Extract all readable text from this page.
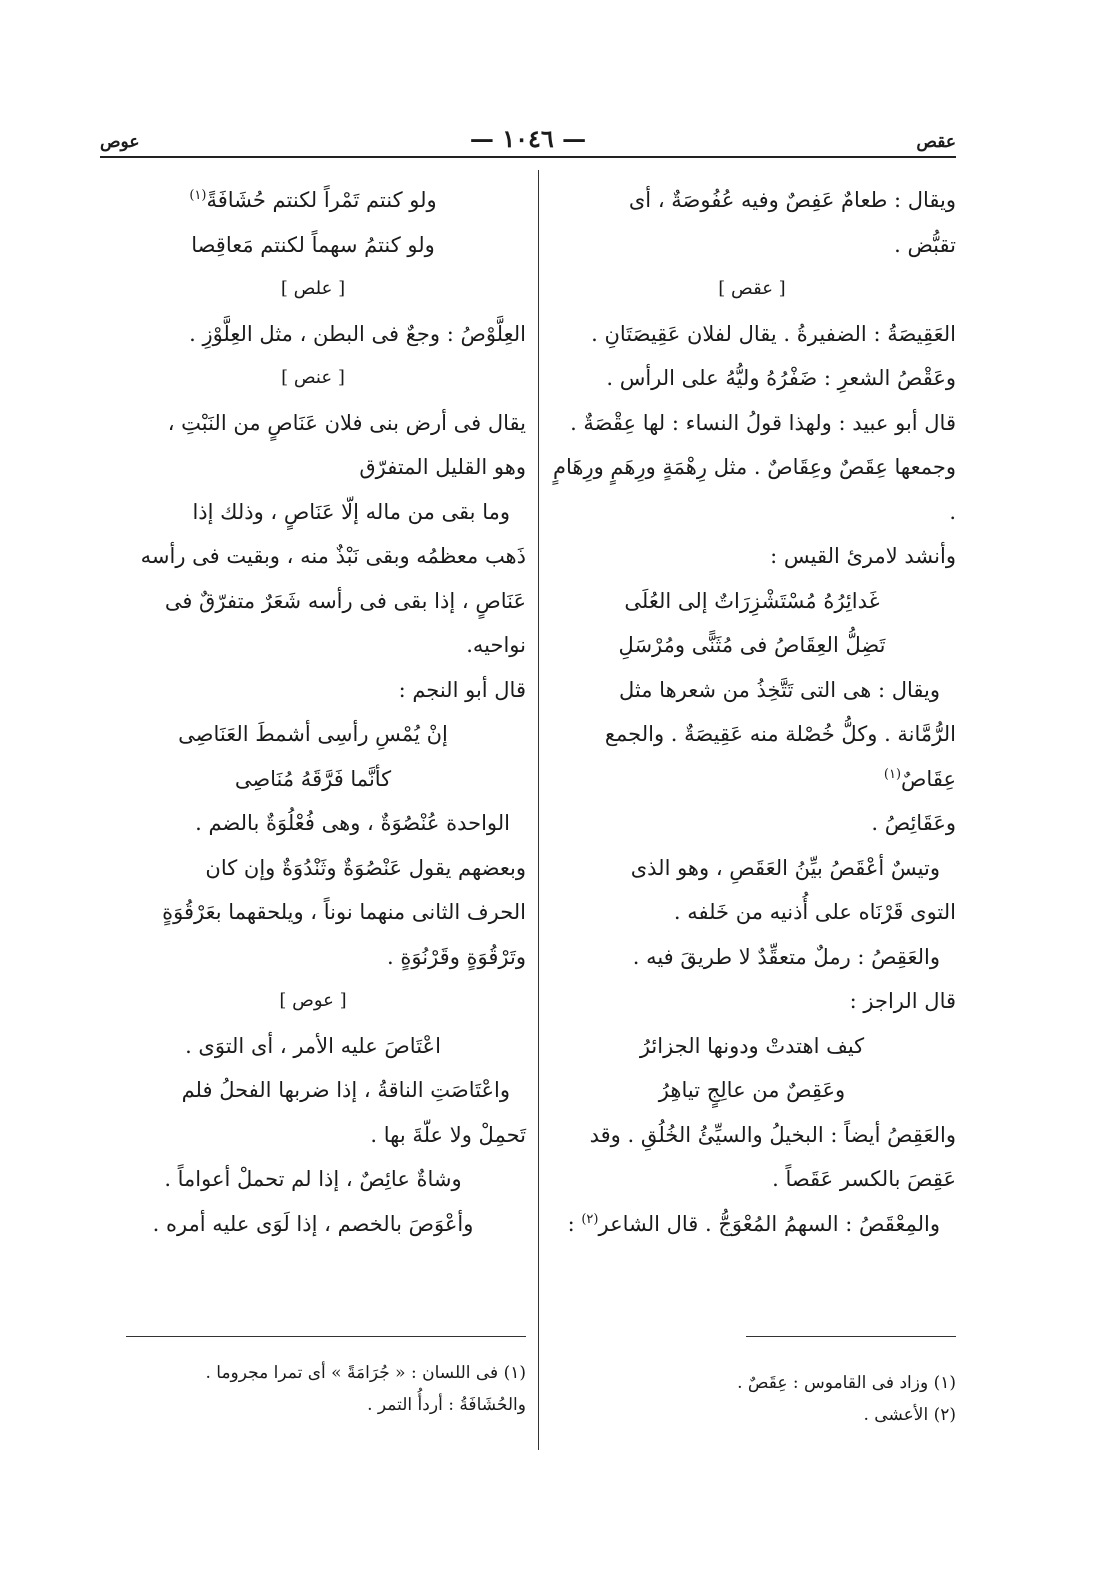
عقص
— ١٠٤٦ —
عوص

ويقال : طعامٌ عَفِصٌ وفيه عُفُوصَةٌ ، أى

تقبُّض .

[ عقص ]

العَقِيصَةُ : الضفيرةُ . يقال لفلان عَقِيصَتَانِ .

وعَقْصُ الشعرِ : ضَفْرُهُ وليُّهُ على الرأس .

قال أبو عبيد : ولهذا قولُ النساء : لها عِقْصَةٌ .

وجمعها عِقَصٌ وعِقَاصٌ . مثل رِهْمَةٍ ورِهَمٍ ورِهَامٍ .

وأنشد لامرئ القيس :

غَدائِرُهُ مُسْتَشْزِرَاتٌ إلى العُلَى

تَضِلُّ العِقَاصُ فى مُثَنًّى ومُرْسَلِ

ويقال : هى التى تَتَّخِذُ من شعرها مثل

الرُّمَّانة . وكلُّ خُصْلة منه عَقِيصَةٌ . والجمع عِقَاصٌ$^{(١)}$

وعَقَائِصُ .

وتيسٌ أعْقَصُ بيِّنُ العَقَصِ ، وهو الذى

التوى قَرْنَاه على أُذنيه من خَلفه .

والعَقِصُ : رملٌ متعقِّدٌ لا طريقَ فيه .

قال الراجز :

كيف اهتدتْ ودونها الجزائرُ

وعَقِصٌ من عالِجٍ تياهِرُ

والعَقِصُ أيضاً : البخيلُ والسيِّئُ الخُلُقِ . وقد

عَقِصَ بالكسر عَقَصاً .

والمِعْقَصُ : السهمُ المُعْوَجُّ . قال الشاعر$^{(٢)}$ :

ولو كنتم تَمْراً لكنتم حُشَافَةً$^{(١)}$

ولو كنتمُ سهماً لكنتم مَعاقِصا

[ علص ]

العِلَّوْصُ : وجعٌ فى البطن ، مثل العِلَّوْزِ .

[ عنص ]

يقال فى أرض بنى فلان عَنَاصٍ من النَبْتِ ،

وهو القليل المتفرّق

وما بقى من ماله إلّا عَنَاصٍ ، وذلك إذا

ذَهب معظمُه وبقى نَبْذٌ منه ، وبقيت فى رأسه

عَنَاصٍ ، إذا بقى فى رأسه شَعَرٌ متفرّقٌ فى نواحيه.

قال أبو النجم :

إنْ يُمْسِ رأسِى أشمطَ العَنَاصِى

كأنَّما فَرَّقَهُ مُنَاصِى

الواحدة عُنْصُوَةٌ ، وهى فُعْلُوَةٌ بالضم .

وبعضهم يقول عَنْصُوَةٌ وثَنْدُوَةٌ وإن كان

الحرف الثانى منهما نوناً ، ويلحقهما بعَرْقُوَةٍ

وتَرْقُوَةٍ وقَرْنُوَةٍ .

[ عوص ]

اعْتَاصَ عليه الأمر ، أى التوَى .

واعْتَاصَتِ الناقةُ ، إذا ضربها الفحلُ فلم

تَحمِلْ ولا علّةَ بها .

وشاةٌ عائِصٌ ، إذا لم تحملْ أعواماً .

وأعْوَصَ بالخصم ، إذا لَوَى عليه أمره .

(١) وزاد فى القاموس : عِقَصٌ .

(٢) الأعشى .

(١) فى اللسان : « جُرَامَةً » أى تمرا مجروما .

والحُشَافَةُ : أردأُ التمر .
